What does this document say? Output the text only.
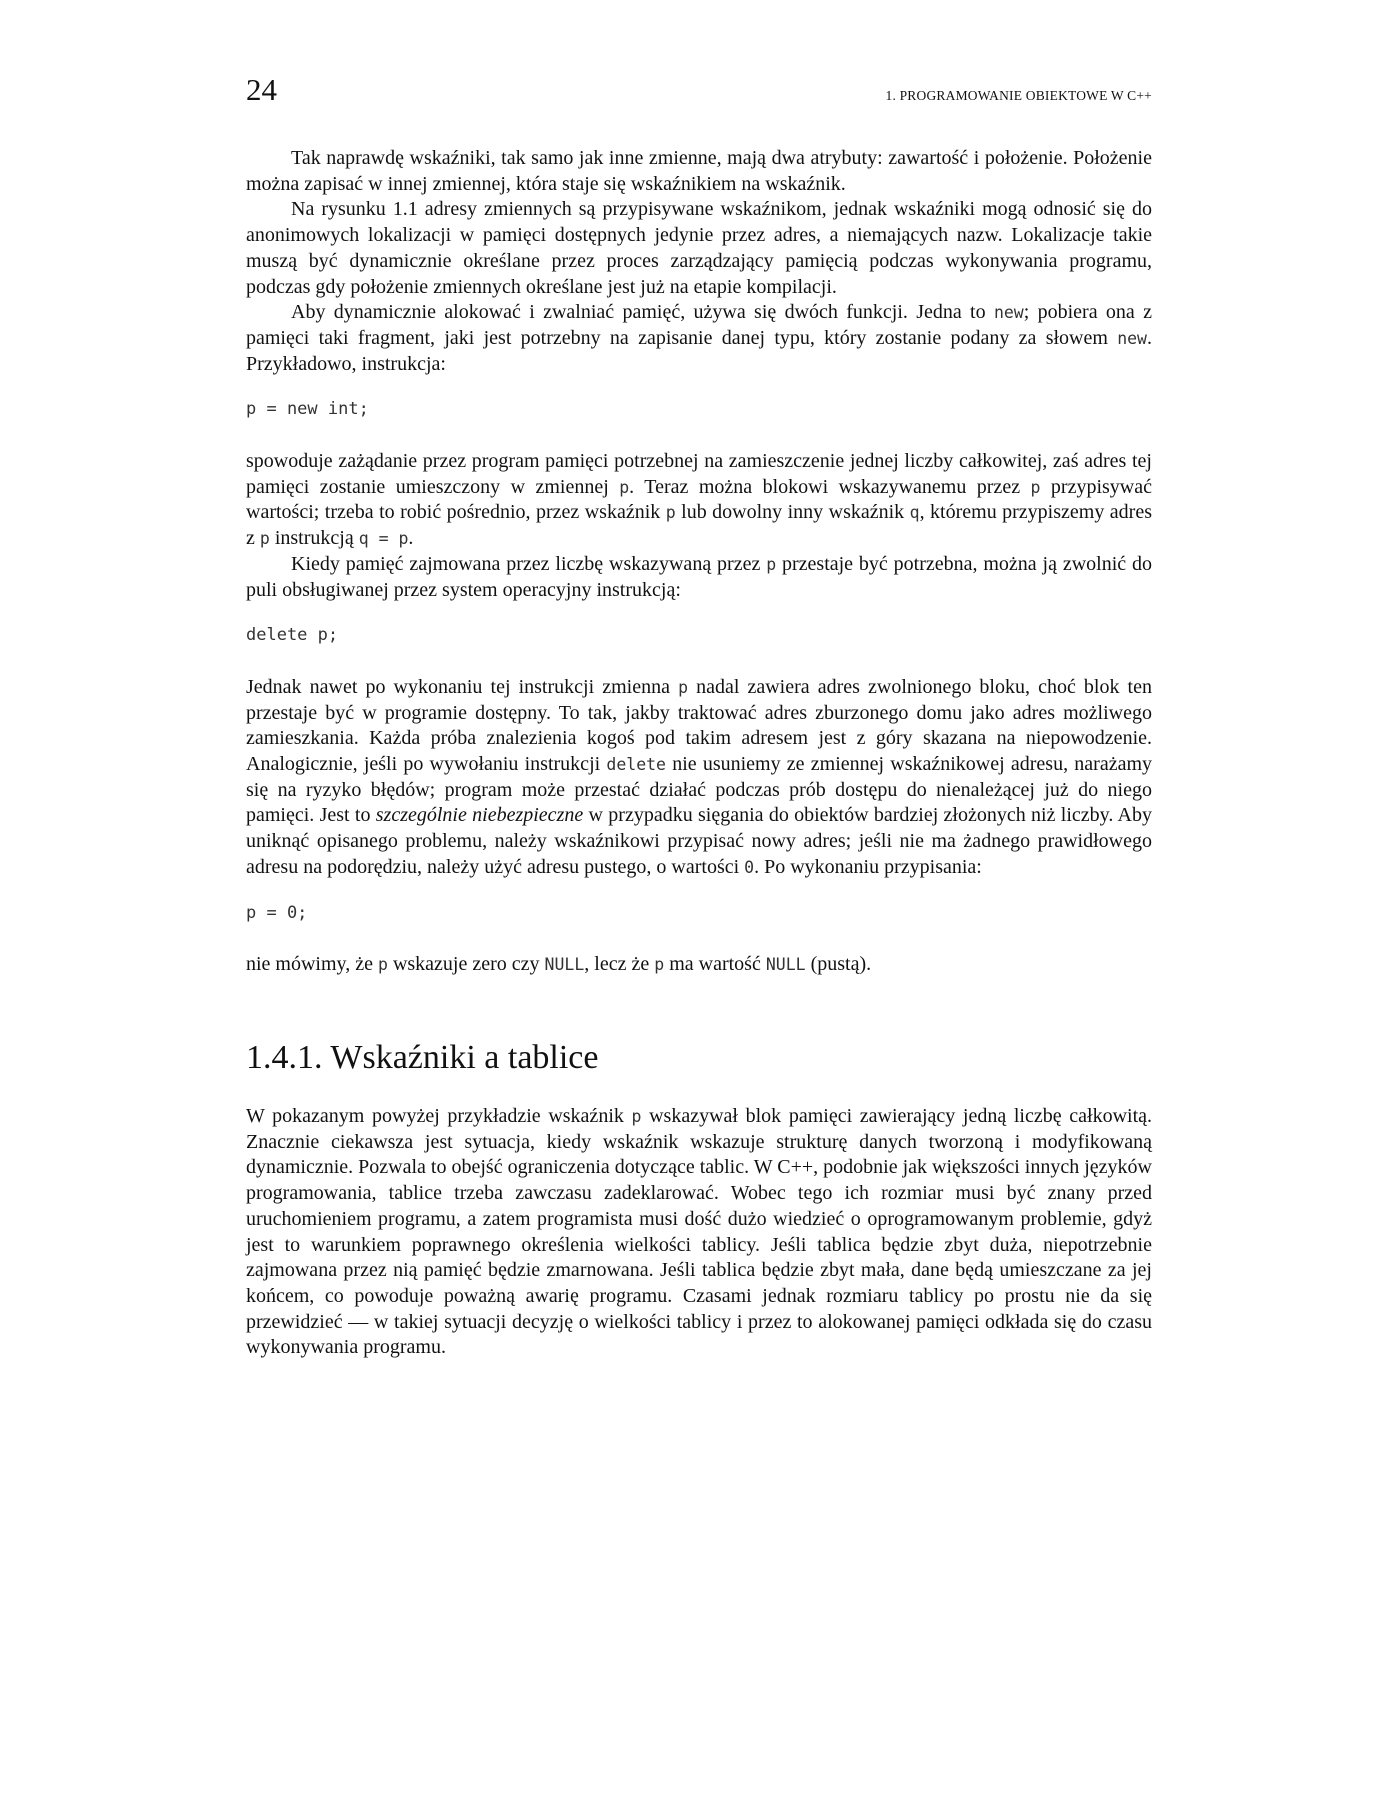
24	1. PROGRAMOWANIE OBIEKTOWE W C++

Tak naprawdę wskaźniki, tak samo jak inne zmienne, mają dwa atrybuty: zawartość i położenie. Położenie można zapisać w innej zmiennej, która staje się wskaźnikiem na wskaźnik.

Na rysunku 1.1 adresy zmiennych są przypisywane wskaźnikom, jednak wskaźniki mogą odnosić się do anonimowych lokalizacji w pamięci dostępnych jedynie przez adres, a niemających nazw. Lokalizacje takie muszą być dynamicznie określane przez proces zarządzający pamięcią podczas wykonywania programu, podczas gdy położenie zmiennych określane jest już na etapie kompilacji.

Aby dynamicznie alokować i zwalniać pamięć, używa się dwóch funkcji. Jedna to new; pobiera ona z pamięci taki fragment, jaki jest potrzebny na zapisanie danej typu, który zostanie podany za słowem new. Przykładowo, instrukcja:

p = new int;

spowoduje zażądanie przez program pamięci potrzebnej na zamieszczenie jednej liczby całkowitej, zaś adres tej pamięci zostanie umieszczony w zmiennej p. Teraz można blokowi wskazywanemu przez p przypisywać wartości; trzeba to robić pośrednio, przez wskaźnik p lub dowolny inny wskaźnik q, któremu przypiszemy adres z p instrukcją q = p.

Kiedy pamięć zajmowana przez liczbę wskazywaną przez p przestaje być potrzebna, można ją zwolnić do puli obsługiwanej przez system operacyjny instrukcją:

delete p;

Jednak nawet po wykonaniu tej instrukcji zmienna p nadal zawiera adres zwolnionego bloku, choć blok ten przestaje być w programie dostępny. To tak, jakby traktować adres zburzonego domu jako adres możliwego zamieszkania. Każda próba znalezienia kogoś pod takim adresem jest z góry skazana na niepowodzenie. Analogicznie, jeśli po wywołaniu instrukcji delete nie usuniemy ze zmiennej wskaźnikowej adresu, narażamy się na ryzyko błędów; program może przestać działać podczas prób dostępu do nienależącej już do niego pamięci. Jest to szczególnie niebezpieczne w przypadku sięgania do obiektów bardziej złożonych niż liczby. Aby uniknąć opisanego problemu, należy wskaźnikowi przypisać nowy adres; jeśli nie ma żadnego prawidłowego adresu na podorędziu, należy użyć adresu pustego, o wartości 0. Po wykonaniu przypisania:

p = 0;

nie mówimy, że p wskazuje zero czy NULL, lecz że p ma wartość NULL (pustą).

1.4.1. Wskaźniki a tablice

W pokazanym powyżej przykładzie wskaźnik p wskazywał blok pamięci zawierający jedną liczbę całkowitą. Znacznie ciekawsza jest sytuacja, kiedy wskaźnik wskazuje strukturę danych tworzoną i modyfikowaną dynamicznie. Pozwala to obejść ograniczenia dotyczące tablic. W C++, podobnie jak większości innych języków programowania, tablice trzeba zawczasu zadeklarować. Wobec tego ich rozmiar musi być znany przed uruchomieniem programu, a zatem programista musi dość dużo wiedzieć o oprogramowanym problemie, gdyż jest to warunkiem poprawnego określenia wielkości tablicy. Jeśli tablica będzie zbyt duża, niepotrzebnie zajmowana przez nią pamięć będzie zmarnowana. Jeśli tablica będzie zbyt mała, dane będą umieszczane za jej końcem, co powoduje poważną awarię programu. Czasami jednak rozmiaru tablicy po prostu nie da się przewidzieć — w takiej sytuacji decyzję o wielkości tablicy i przez to alokowanej pamięci odkłada się do czasu wykonywania programu.
